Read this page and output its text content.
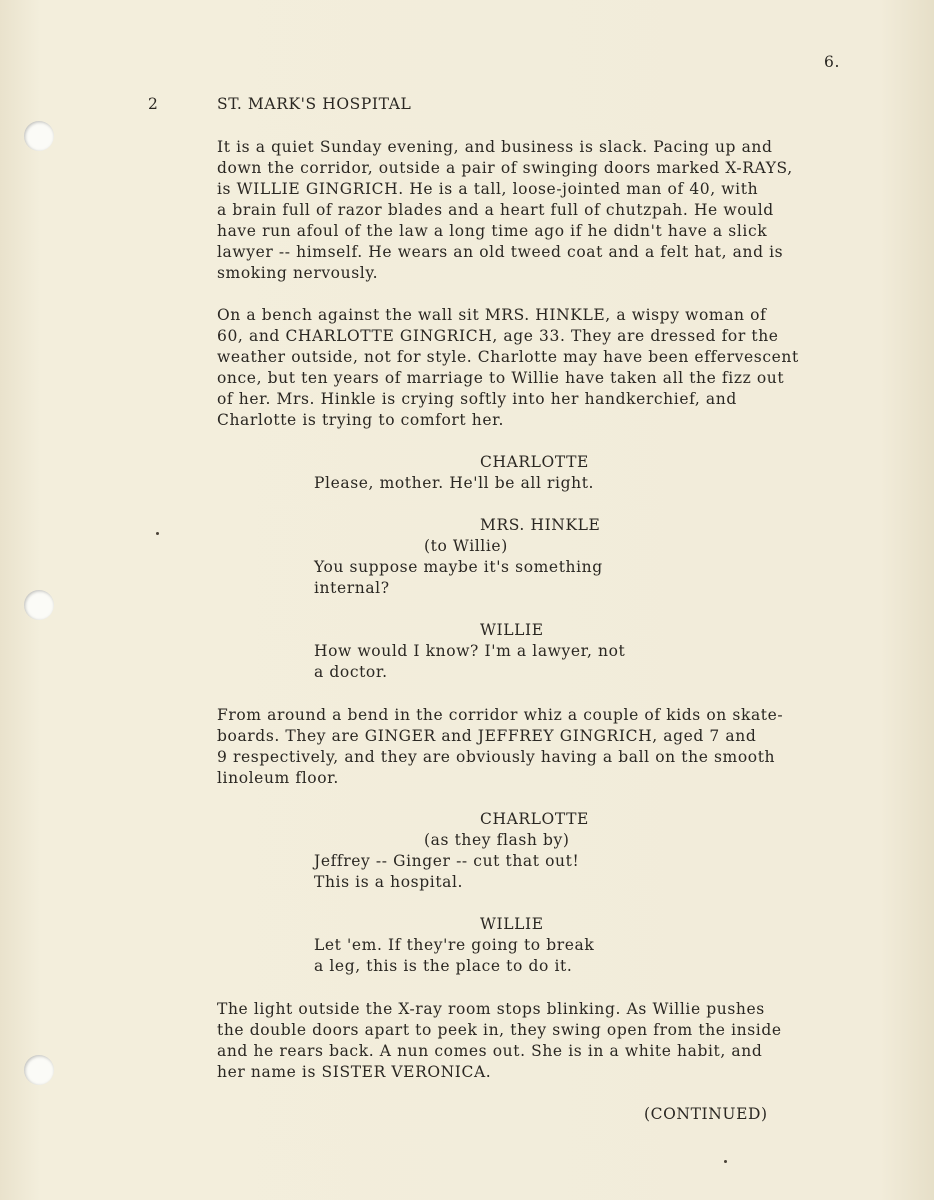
6.
2	ST. MARK'S HOSPITAL
It is a quiet Sunday evening, and business is slack. Pacing up and
down the corridor, outside a pair of swinging doors marked X-RAYS,
is WILLIE GINGRICH. He is a tall, loose-jointed man of 40, with
a brain full of razor blades and a heart full of chutzpah. He would
have run afoul of the law a long time ago if he didn't have a slick
lawyer -- himself. He wears an old tweed coat and a felt hat, and is
smoking nervously.
On a bench against the wall sit MRS. HINKLE, a wispy woman of
60, and CHARLOTTE GINGRICH, age 33. They are dressed for the
weather outside, not for style. Charlotte may have been effervescent
once, but ten years of marriage to Willie have taken all the fizz out
of her. Mrs. Hinkle is crying softly into her handkerchief, and
Charlotte is trying to comfort her.
CHARLOTTE
Please, mother. He'll be all right.
MRS. HINKLE
(to Willie)
You suppose maybe it's something
internal?
WILLIE
How would I know? I'm a lawyer, not
a doctor.
From around a bend in the corridor whiz a couple of kids on skate-
boards. They are GINGER and JEFFREY GINGRICH, aged 7 and
9 respectively, and they are obviously having a ball on the smooth
linoleum floor.
CHARLOTTE
(as they flash by)
Jeffrey -- Ginger -- cut that out!
This is a hospital.
WILLIE
Let 'em. If they're going to break
a leg, this is the place to do it.
The light outside the X-ray room stops blinking. As Willie pushes
the double doors apart to peek in, they swing open from the inside
and he rears back. A nun comes out. She is in a white habit, and
her name is SISTER VERONICA.
(CONTINUED)
